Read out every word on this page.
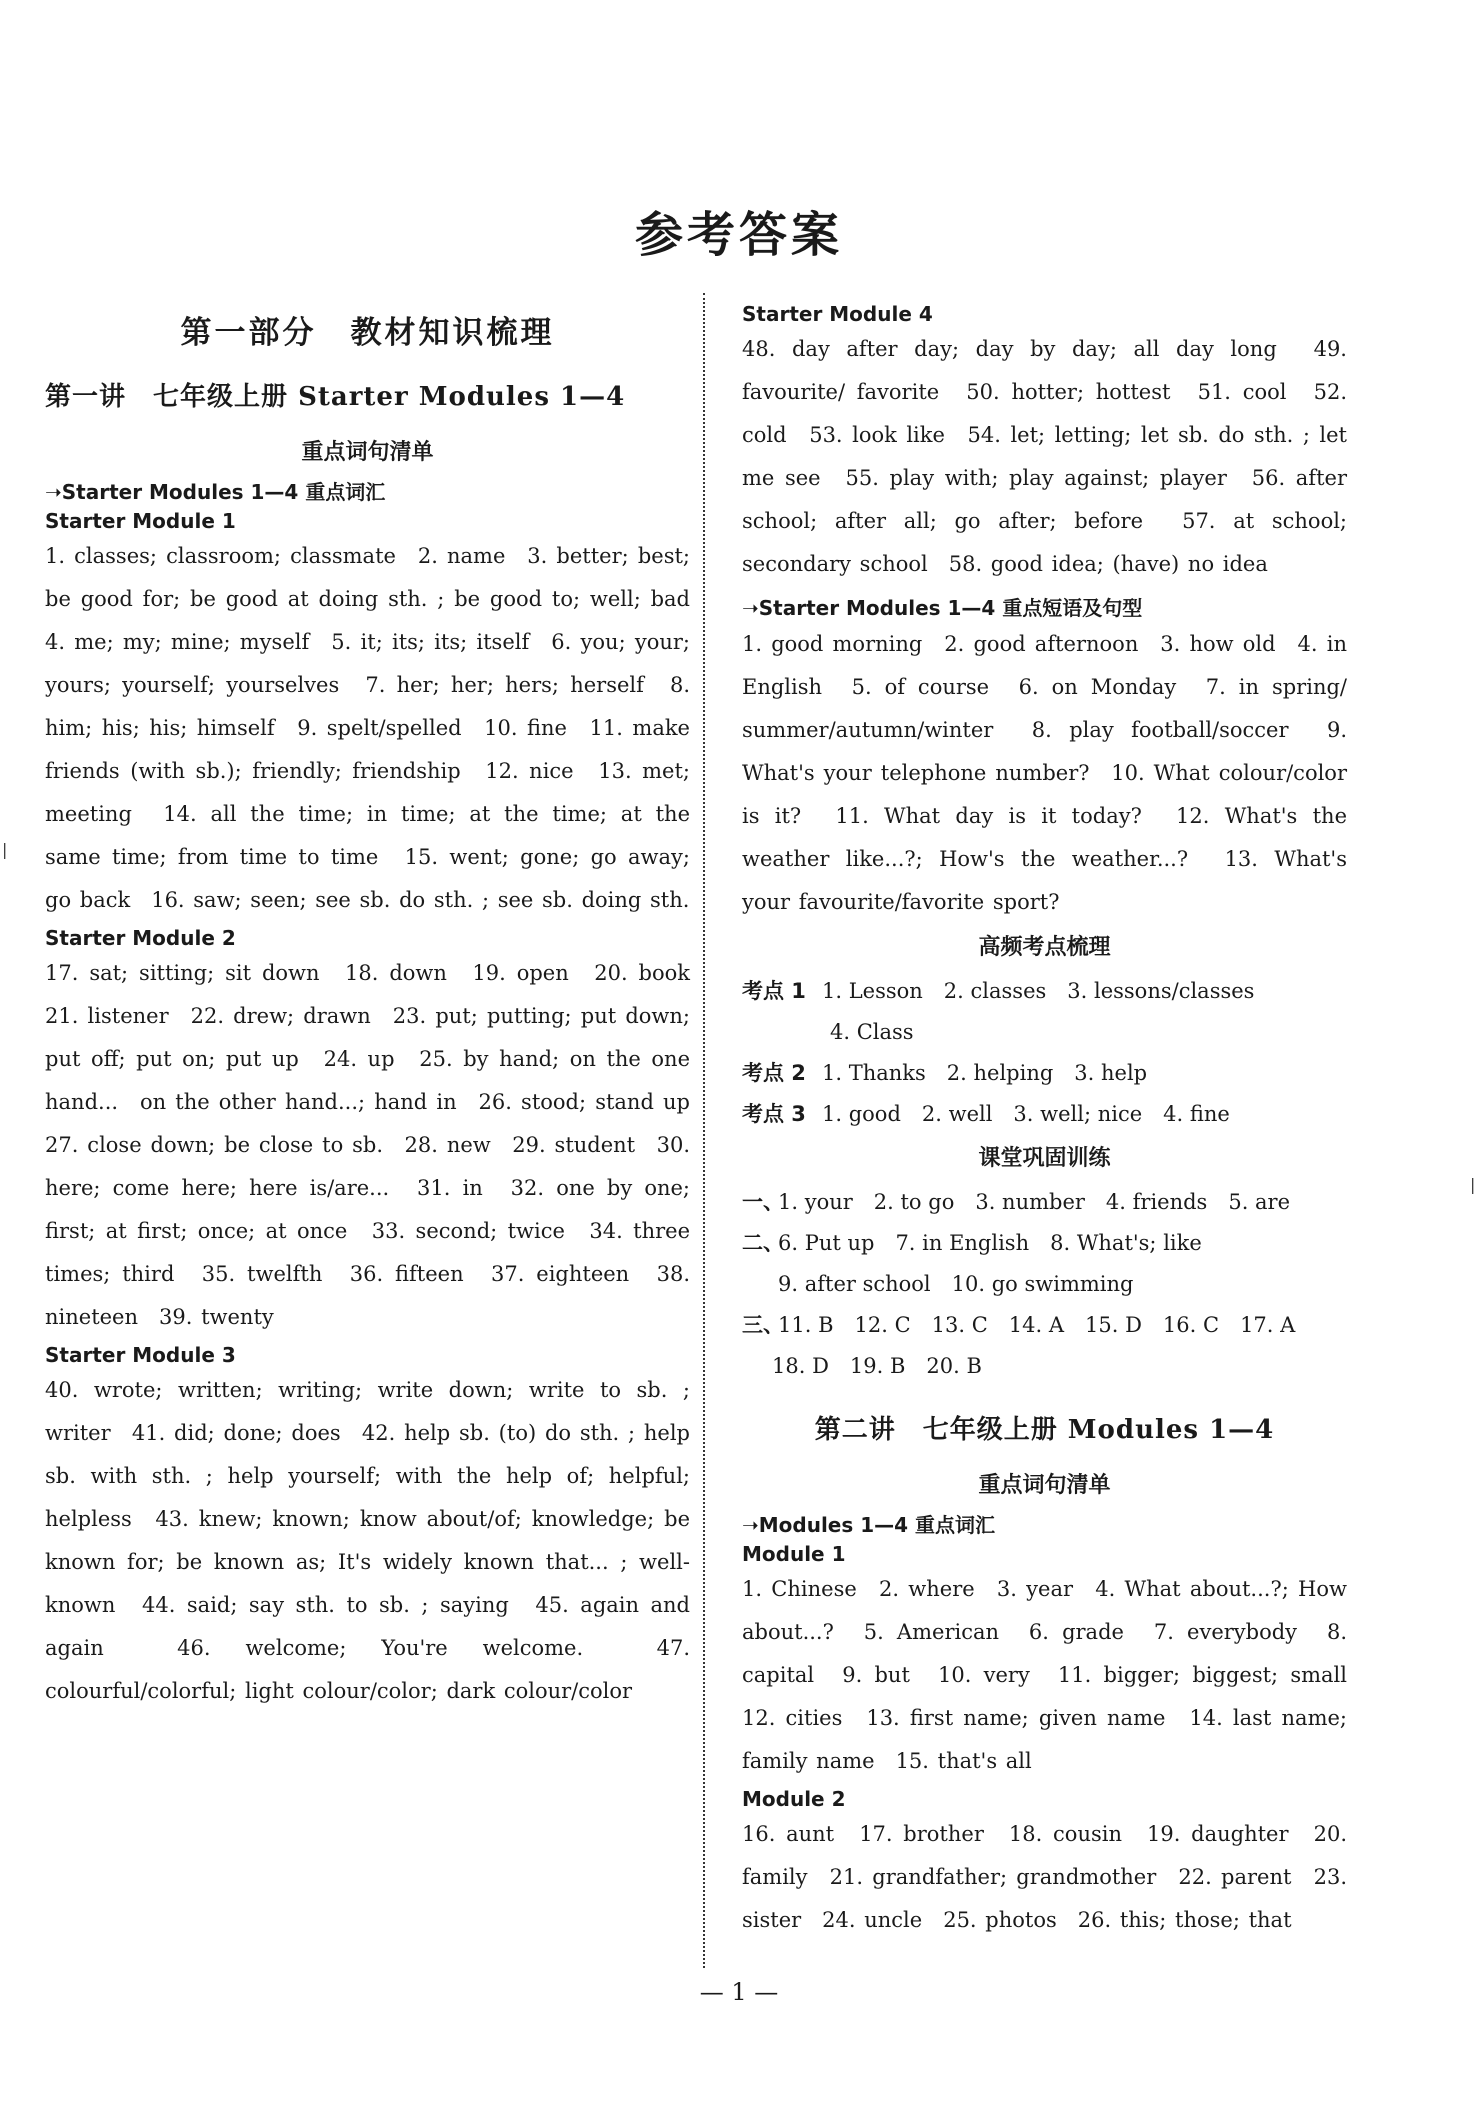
参考答案
|
|
第一部分　教材知识梳理
第一讲　七年级上册 Starter Modules 1—4
重点词句清单
➝Starter Modules 1—4 重点词汇
Starter Module 1
1. classes; classroom; classmate　2. name　3. better; best; be good for; be good at doing sth. ; be good to; well; bad　4. me; my; mine; myself　5. it; its; its; itself　6. you; your; yours; yourself; yourselves　7. her; her; hers; herself　8. him; his; his; himself　9. spelt/spelled　10. fine　11. make friends (with sb.); friendly; friendship　12. nice　13. met; meeting　14. all the time; in time; at the time; at the same time; from time to time　15. went; gone; go away; go back　16. saw; seen; see sb. do sth. ; see sb. doing sth.
Starter Module 2
17. sat; sitting; sit down　18. down　19. open　20. book　21. listener　22. drew; drawn　23. put; putting; put down; put off; put on; put up　24. up　25. by hand; on the one hand...　on the other hand...; hand in　26. stood; stand up　27. close down; be close to sb.　28. new　29. student　30. here; come here; here is/are...　31. in　32. one by one; first; at first; once; at once　33. second; twice　34. three times; third　35. twelfth　36. fifteen　37. eighteen　38. nineteen　39. twenty
Starter Module 3
40. wrote; written; writing; write down; write to sb. ; writer　41. did; done; does　42. help sb. (to) do sth. ; help sb. with sth. ; help yourself; with the help of; helpful; helpless　43. knew; known; know about/of; knowledge; be known for; be known as; It's widely known that... ; well-known　44. said; say sth. to sb. ; saying　45. again and again　46. welcome; You're welcome.　47. colourful/colorful; light colour/color; dark colour/color
Starter Module 4
48. day after day; day by day; all day long　49. favourite/ favorite　50. hotter; hottest　51. cool　52. cold　53. look like　54. let; letting; let sb. do sth. ; let me see　55. play with; play against; player　56. after school; after all; go after; before　57. at school; secondary school　58. good idea; (have) no idea
➝Starter Modules 1—4 重点短语及句型
1. good morning　2. good afternoon　3. how old　4. in English　5. of course　6. on Monday　7. in spring/ summer/autumn/winter　8. play football/soccer　9. What's your telephone number?　10. What colour/color is it?　11. What day is it today?　12. What's the weather like...?; How's the weather...?　13. What's your favourite/favorite sport?
高频考点梳理
考点 1 1. Lesson　2. classes　3. lessons/classes
4. Class
考点 2 1. Thanks　2. helping　3. help
考点 3 1. good　2. well　3. well; nice　4. fine
课堂巩固训练
一、
1. your　2. to go　3. number　4. friends　5. are
二、
6. Put up　7. in English　8. What's; like
9. after school　10. go swimming
三、
11. B　12. C　13. C　14. A　15. D　16. C　17. A
18. D　19. B　20. B
第二讲　七年级上册 Modules 1—4
重点词句清单
➝Modules 1—4 重点词汇
Module 1
1. Chinese　2. where　3. year　4. What about...?; How about...?　5. American　6. grade　7. everybody　8. capital　9. but　10. very　11. bigger; biggest; small　12. cities　13. first name; given name　14. last name; family name　15. that's all
Module 2
16. aunt　17. brother　18. cousin　19. daughter　20. family　21. grandfather; grandmother　22. parent　23. sister　24. uncle　25. photos　26. this; those; that
— 1 —
